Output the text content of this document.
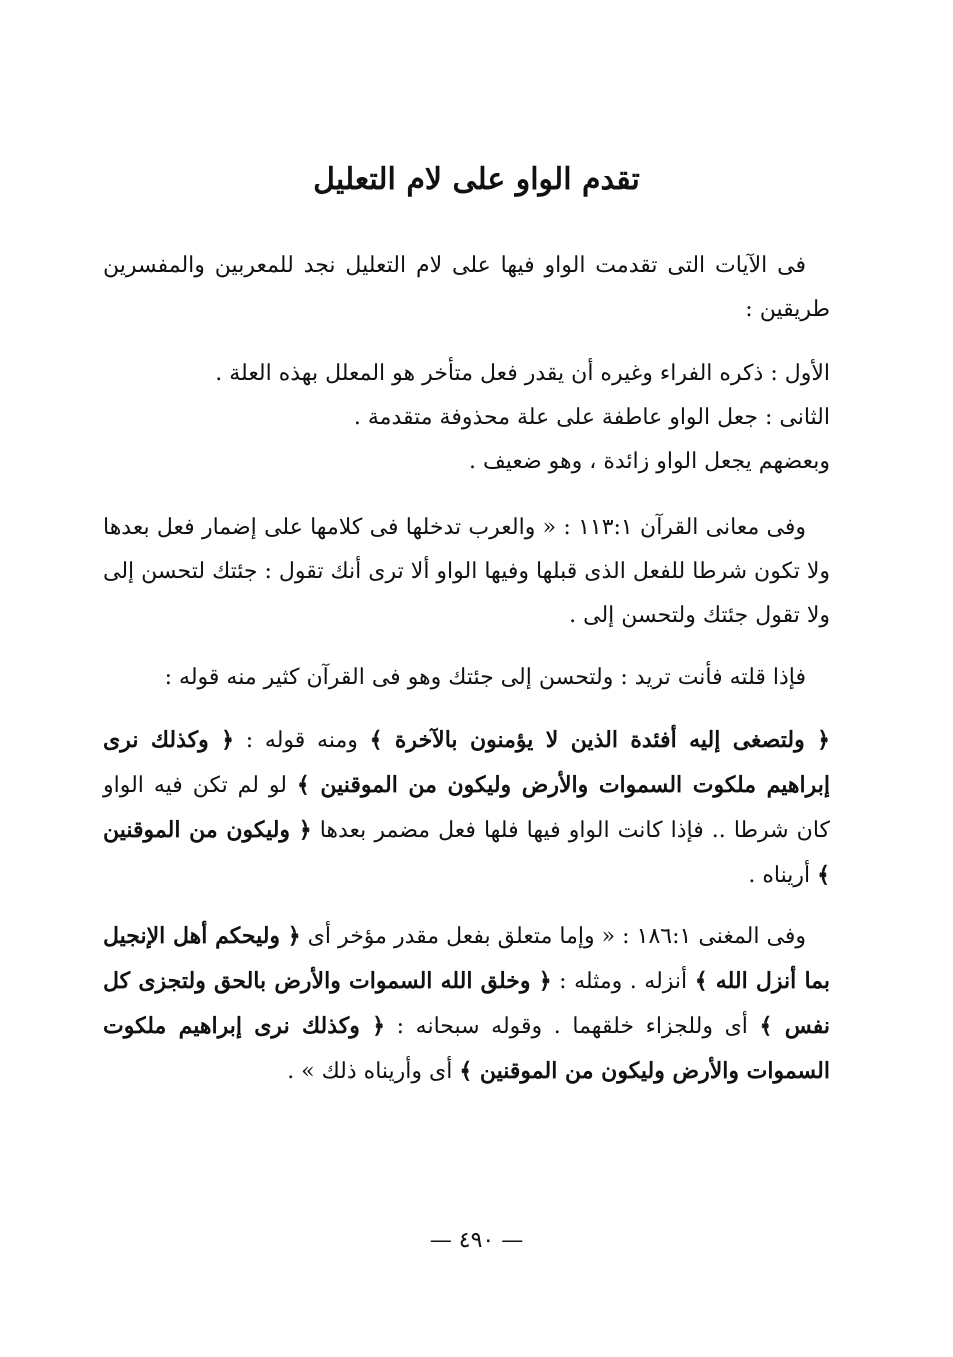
تقدم الواو على لام التعليل

فى الآيات التى تقدمت الواو فيها على لام التعليل نجد للمعربين والمفسرين طريقين :

الأول : ذكره الفراء وغيره أن يقدر فعل متأخر هو المعلل بهذه العلة .

الثانى : جعل الواو عاطفة على علة محذوفة متقدمة .

وبعضهم يجعل الواو زائدة ، وهو ضعيف .

وفى معانى القرآن ١١٣:١ : « والعرب تدخلها فى كلامها على إضمار فعل بعدها ولا تكون شرطا للفعل الذى قبلها وفيها الواو ألا ترى أنك تقول : جئتك لتحسن إلى ولا تقول جئتك ولتحسن إلى .

فإذا قلته فأنت تريد : ولتحسن إلى جئتك وهو فى القرآن كثير منه قوله :

﴿ ولتصغى إليه أفئدة الذين لا يؤمنون بالآخرة ﴾ ومنه قوله : ﴿ وكذلك نرى إبراهيم ملكوت السموات والأرض وليكون من الموقنين ﴾ لو لم تكن فيه الواو كان شرطا .. فإذا كانت الواو فيها فلها فعل مضمر بعدها ﴿ وليكون من الموقنين ﴾ أريناه .

وفى المغنى ١٨٦:١ : « وإما متعلق بفعل مقدر مؤخر أى ﴿ وليحكم أهل الإنجيل بما أنزل الله ﴾ أنزله . ومثله : ﴿ وخلق الله السموات والأرض بالحق ولتجزى كل نفس ﴾ أى وللجزاء خلقهما . وقوله سبحانه : ﴿ وكذلك نرى إبراهيم ملكوت السموات والأرض وليكون من الموقنين ﴾ أى وأريناه ذلك » .

— ٤٩٠ —
